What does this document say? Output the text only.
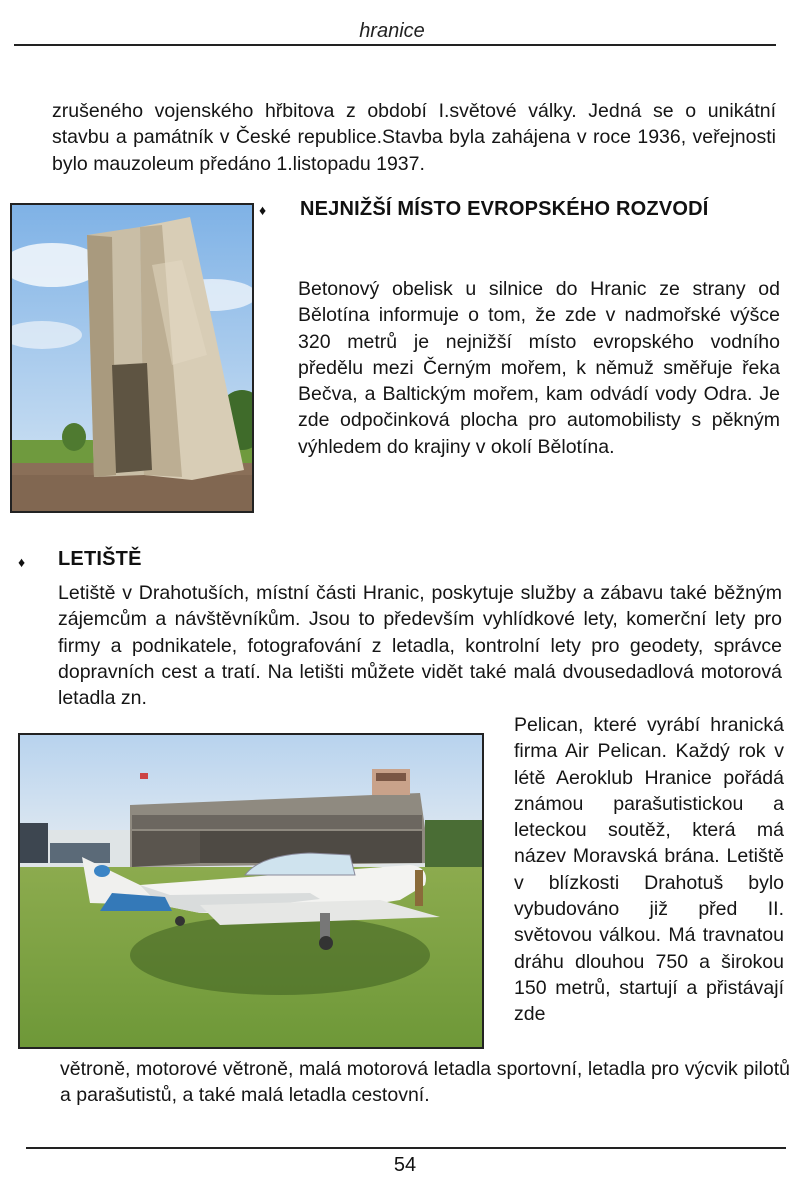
hranice
zrušeného vojenského hřbitova z období I.světové války. Jedná se o unikátní stavbu a památník v České republice.Stavba byla zahájena v roce 1936, veřejnosti bylo mauzoleum předáno 1.listopadu 1937.
♦ NEJNIŽŠÍ MÍSTO EVROPSKÉHO ROZVODÍ
Betonový obelisk u silnice do Hranic ze strany od Bělotína informuje o tom, že zde v nadmořské výšce 320 metrů je nejnižší místo evropského vodního předělu mezi Černým mořem, k němuž směřuje řeka Bečva, a Baltickým mořem, kam odvádí vody Odra. Je zde odpočinková plocha pro automobilisty s pěkným výhledem do krajiny v okolí Bělotína.
♦ LETIŠTĚ
Letiště v Drahotuších, místní části Hranic, poskytuje služby a zábavu také běžným zájemcům a návštěvníkům. Jsou to především vyhlídkové lety, komerční lety pro firmy a podnikatele, fotografování z letadla, kontrolní lety pro geodety, správce dopravních cest a tratí. Na letišti můžete vidět také malá dvousedadlová motorová letadla zn.
Pelican, které vyrábí hranická firma Air Pelican. Každý rok v létě Aeroklub Hranice pořádá známou parašutistickou a leteckou soutěž, která má název Moravská brána. Letiště v blízkosti Drahotuš bylo vybudováno již před II. světovou válkou. Má travnatou dráhu dlouhou 750 a širokou 150 metrů, startují a přistávají zde
větroně, motorové větroně, malá motorová letadla sportovní, letadla pro výcvik pilotů a parašutistů, a také malá letadla cestovní.
54
